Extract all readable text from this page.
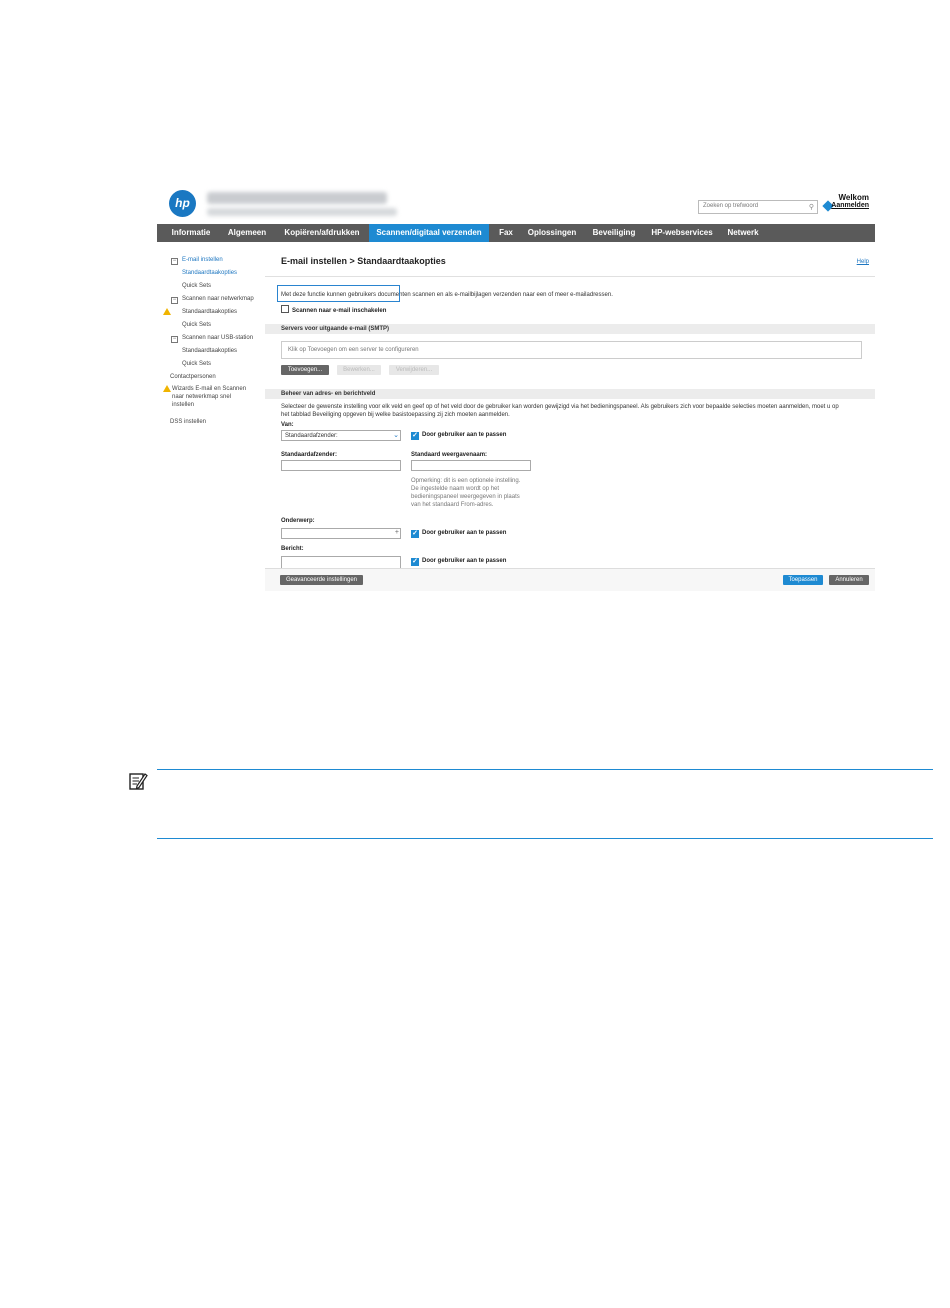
hp	Welkom
Zoeken op trefwoord	⚲ Aanmelden
Informatie	Algemeen	Kopiëren/afdrukken	Scannen/digitaal verzenden	Fax	Oplossingen	Beveiliging	HP-webservices	Netwerk
− E-mail instellen
Standaardtaakopties
Quick Sets
− Scannen naar netwerkmap
Standaardtaakopties
Quick Sets
− Scannen naar USB-station
Standaardtaakopties
Quick Sets
Contactpersonen
Wizards E-mail en Scannen
naar netwerkmap snel
instellen
DSS instellen
E-mail instellen > Standaardtaakopties	Help
Met deze functie kunnen gebruikers documenten scannen en als e-mailbijlagen verzenden naar een of meer e-mailadressen.
Scannen naar e-mail inschakelen
Servers voor uitgaande e-mail (SMTP)
Klik op Toevoegen om een server te configureren
Toevoegen...	Bewerken...	Verwijderen...
Beheer van adres- en berichtveld
Selecteer de gewenste instelling voor elk veld en geef op of het veld door de gebruiker kan worden gewijzigd via het bedieningspaneel. Als gebruikers zich voor bepaalde selecties moeten aanmelden, moet u op
het tabblad Beveiliging opgeven bij welke basistoepassing zij zich moeten aanmelden.
Van:
Standaardafzender:	⌄ ✓ Door gebruiker aan te passen
Standaardafzender:	Standaard weergavenaam:
Opmerking: dit is een optionele instelling.
De ingestelde naam wordt op het
bedieningspaneel weergegeven in plaats
van het standaard From-adres.
Onderwerp:
+ ✓ Door gebruiker aan te passen
Bericht:
✓ Door gebruiker aan te passen
Geavanceerde instellingen	Toepassen	Annuleren
